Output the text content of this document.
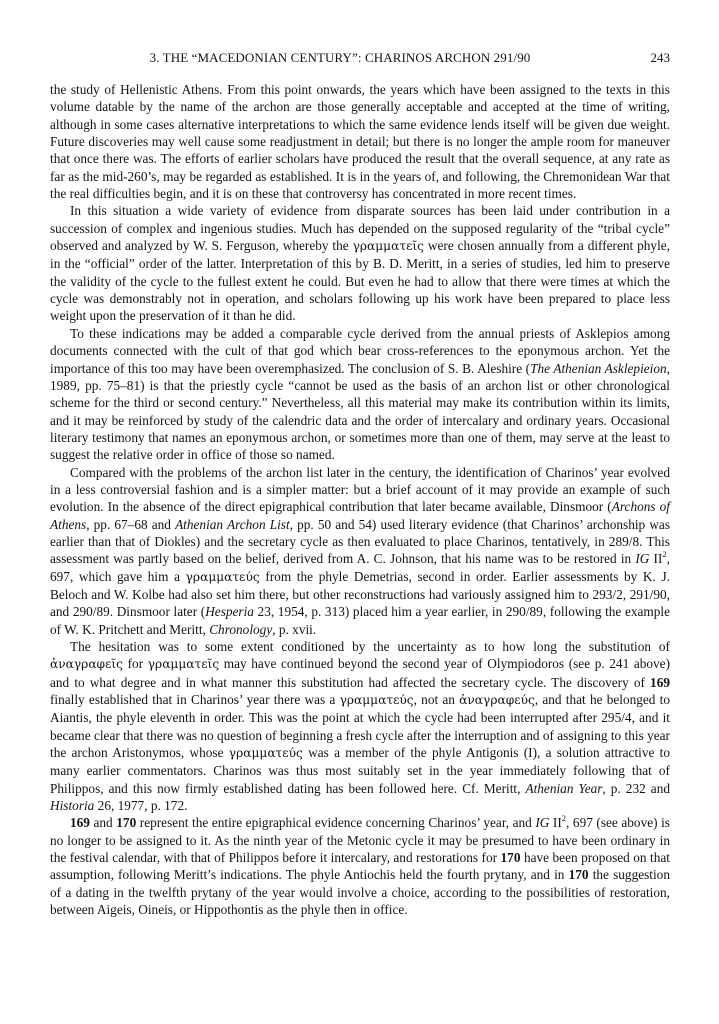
3. THE “MACEDONIAN CENTURY”: CHARINOS ARCHON 291/90	243

the study of Hellenistic Athens. From this point onwards, the years which have been assigned to the texts in this volume datable by the name of the archon are those generally acceptable and accepted at the time of writing, although in some cases alternative interpretations to which the same evidence lends itself will be given due weight. Future discoveries may well cause some readjustment in detail; but there is no longer the ample room for maneuver that once there was. The efforts of earlier scholars have produced the result that the overall sequence, at any rate as far as the mid-260’s, may be regarded as established. It is in the years of, and following, the Chremonidean War that the real difficulties begin, and it is on these that controversy has concentrated in more recent times.

In this situation a wide variety of evidence from disparate sources has been laid under contribution in a succession of complex and ingenious studies. Much has depended on the supposed regularity of the “tribal cycle” observed and analyzed by W. S. Ferguson, whereby the γραμματεῖς were chosen annually from a different phyle, in the “official” order of the latter. Interpretation of this by B. D. Meritt, in a series of studies, led him to preserve the validity of the cycle to the fullest extent he could. But even he had to allow that there were times at which the cycle was demonstrably not in operation, and scholars following up his work have been prepared to place less weight upon the preservation of it than he did.

To these indications may be added a comparable cycle derived from the annual priests of Asklepios among documents connected with the cult of that god which bear cross-references to the eponymous archon. Yet the importance of this too may have been overemphasized. The conclusion of S. B. Aleshire (The Athenian Asklepieion, 1989, pp. 75–81) is that the priestly cycle “cannot be used as the basis of an archon list or other chronological scheme for the third or second century.” Nevertheless, all this material may make its contribution within its limits, and it may be reinforced by study of the calendric data and the order of intercalary and ordinary years. Occasional literary testimony that names an eponymous archon, or sometimes more than one of them, may serve at the least to suggest the relative order in office of those so named.

Compared with the problems of the archon list later in the century, the identification of Charinos’ year evolved in a less controversial fashion and is a simpler matter: but a brief account of it may provide an example of such evolution. In the absence of the direct epigraphical contribution that later became available, Dinsmoor (Archons of Athens, pp. 67–68 and Athenian Archon List, pp. 50 and 54) used literary evidence (that Charinos’ archonship was earlier than that of Diokles) and the secretary cycle as then evaluated to place Charinos, tentatively, in 289/8. This assessment was partly based on the belief, derived from A. C. Johnson, that his name was to be restored in IG $II^2$, 697, which gave him a γραμματεύς from the phyle Demetrias, second in order. Earlier assessments by K. J. Beloch and W. Kolbe had also set him there, but other reconstructions had variously assigned him to 293/2, 291/90, and 290/89. Dinsmoor later (Hesperia 23, 1954, p. 313) placed him a year earlier, in 290/89, following the example of W. K. Pritchett and Meritt, Chronology, p. xvii.

The hesitation was to some extent conditioned by the uncertainty as to how long the substitution of ἀναγραφεῖς for γραμματεῖς may have continued beyond the second year of Olympiodoros (see p. 241 above) and to what degree and in what manner this substitution had affected the secretary cycle. The discovery of 169 finally established that in Charinos’ year there was a γραμματεύς, not an ἀναγραφεύς, and that he belonged to Aiantis, the phyle eleventh in order. This was the point at which the cycle had been interrupted after 295/4, and it became clear that there was no question of beginning a fresh cycle after the interruption and of assigning to this year the archon Aristonymos, whose γραμματεύς was a member of the phyle Antigonis (I), a solution attractive to many earlier commentators. Charinos was thus most suitably set in the year immediately following that of Philippos, and this now firmly established dating has been followed here. Cf. Meritt, Athenian Year, p. 232 and Historia 26, 1977, p. 172.

169 and 170 represent the entire epigraphical evidence concerning Charinos’ year, and IG $II^2$, 697 (see above) is no longer to be assigned to it. As the ninth year of the Metonic cycle it may be presumed to have been ordinary in the festival calendar, with that of Philippos before it intercalary, and restorations for 170 have been proposed on that assumption, following Meritt’s indications. The phyle Antiochis held the fourth prytany, and in 170 the suggestion of a dating in the twelfth prytany of the year would involve a choice, according to the possibilities of restoration, between Aigeis, Oineis, or Hippothontis as the phyle then in office.
